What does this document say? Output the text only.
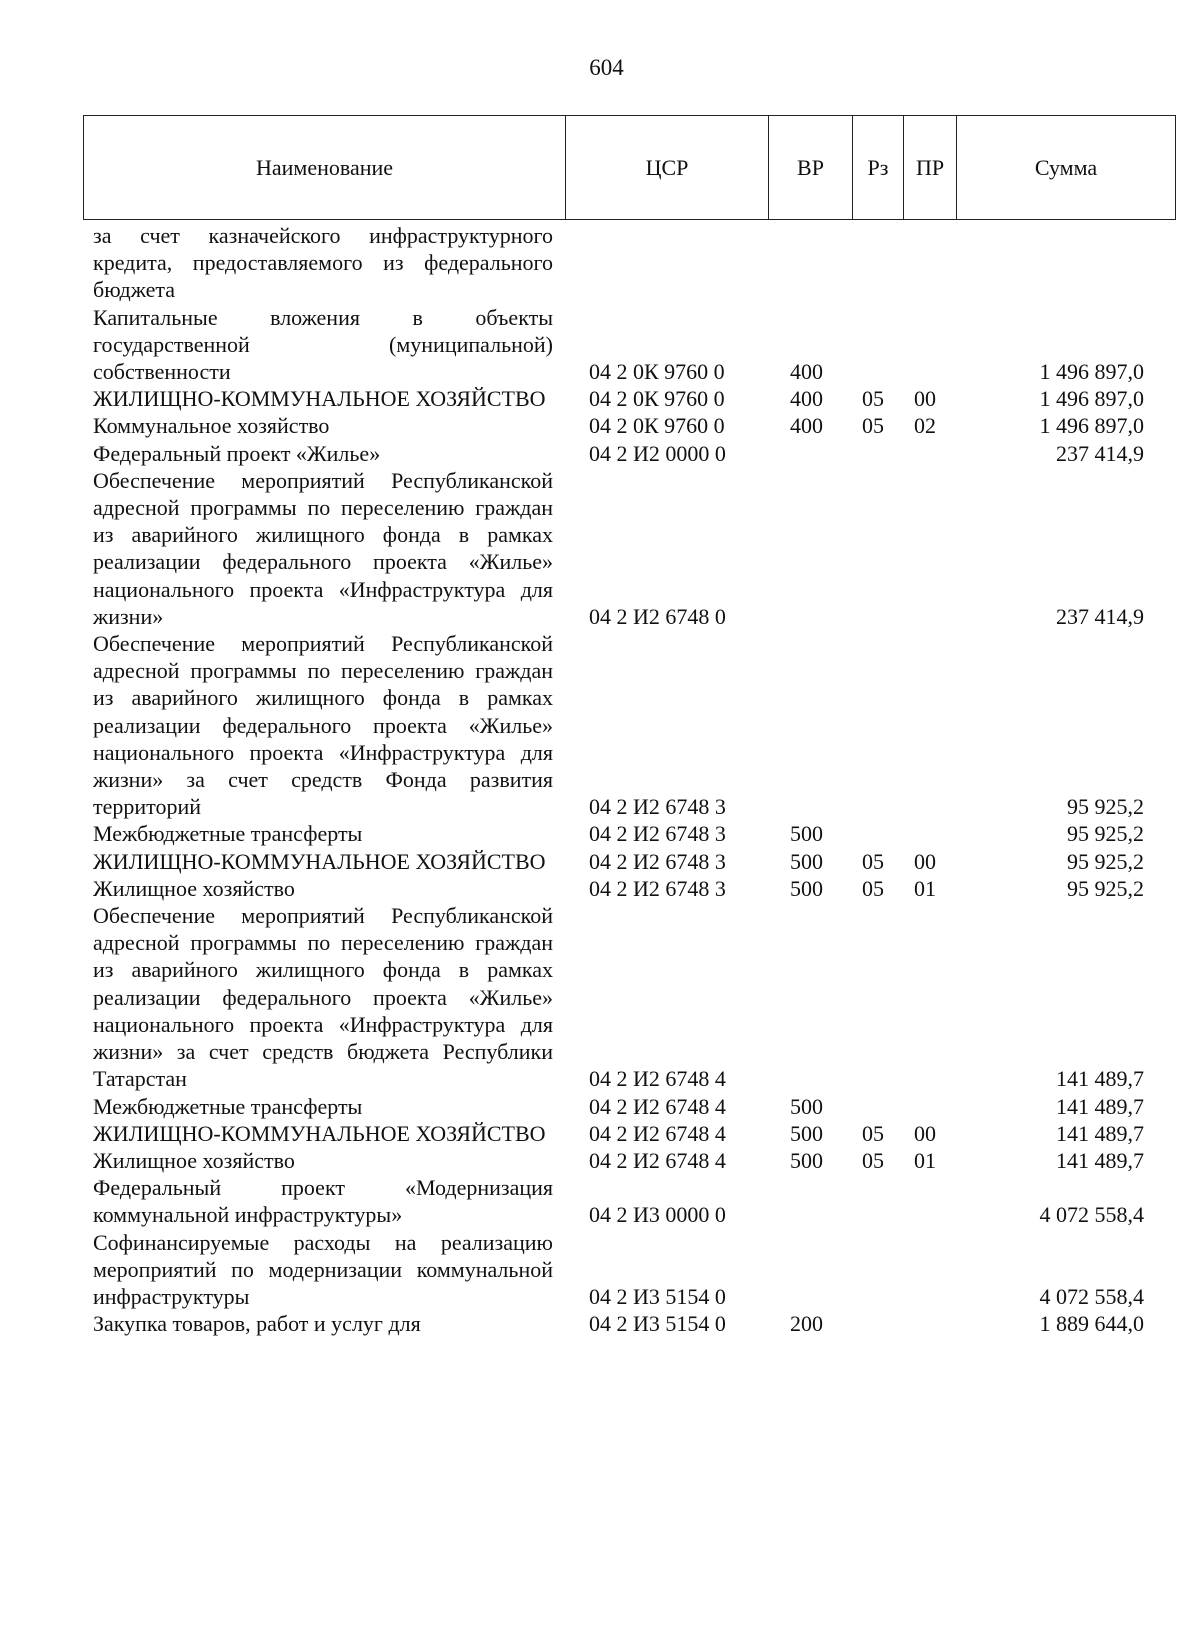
604
Наименование	ЦСР	ВР	Рз	ПР	Сумма
за счет казначейского инфраструктурного кредита, предоставляемого из федерального бюджета
Капитальные вложения в объекты государственной (муниципальной) собственности	04 2 0К 9760 0	400	1 496 897,0
ЖИЛИЩНО-КОММУНАЛЬНОЕ ХОЗЯЙСТВО	04 2 0К 9760 0	400 05 00	1 496 897,0
Коммунальное хозяйство	04 2 0К 9760 0	400 05 02	1 496 897,0
Федеральный проект «Жилье»	04 2 И2 0000 0	237 414,9
Обеспечение мероприятий Республиканской адресной программы по переселению граждан из аварийного жилищного фонда в рамках реализации федерального проекта «Жилье» национального проекта «Инфраструктура для жизни»	04 2 И2 6748 0	237 414,9
Обеспечение мероприятий Республиканской адресной программы по переселению граждан из аварийного жилищного фонда в рамках реализации федерального проекта «Жилье» национального проекта «Инфраструктура для жизни» за счет средств Фонда развития территорий	04 2 И2 6748 3	95 925,2
Межбюджетные трансферты	04 2 И2 6748 3	500	95 925,2
ЖИЛИЩНО-КОММУНАЛЬНОЕ ХОЗЯЙСТВО	04 2 И2 6748 3	500 05 00	95 925,2
Жилищное хозяйство	04 2 И2 6748 3	500 05 01	95 925,2
Обеспечение мероприятий Республиканской адресной программы по переселению граждан из аварийного жилищного фонда в рамках реализации федерального проекта «Жилье» национального проекта «Инфраструктура для жизни» за счет средств бюджета Республики Татарстан	04 2 И2 6748 4	141 489,7
Межбюджетные трансферты	04 2 И2 6748 4	500	141 489,7
ЖИЛИЩНО-КОММУНАЛЬНОЕ ХОЗЯЙСТВО	04 2 И2 6748 4	500 05 00	141 489,7
Жилищное хозяйство	04 2 И2 6748 4	500 05 01	141 489,7
Федеральный проект «Модернизация коммунальной инфраструктуры»	04 2 И3 0000 0	4 072 558,4
Софинансируемые расходы на реализацию мероприятий по модернизации коммунальной инфраструктуры	04 2 И3 5154 0	4 072 558,4
Закупка товаров, работ и услуг для	04 2 И3 5154 0	200	1 889 644,0
